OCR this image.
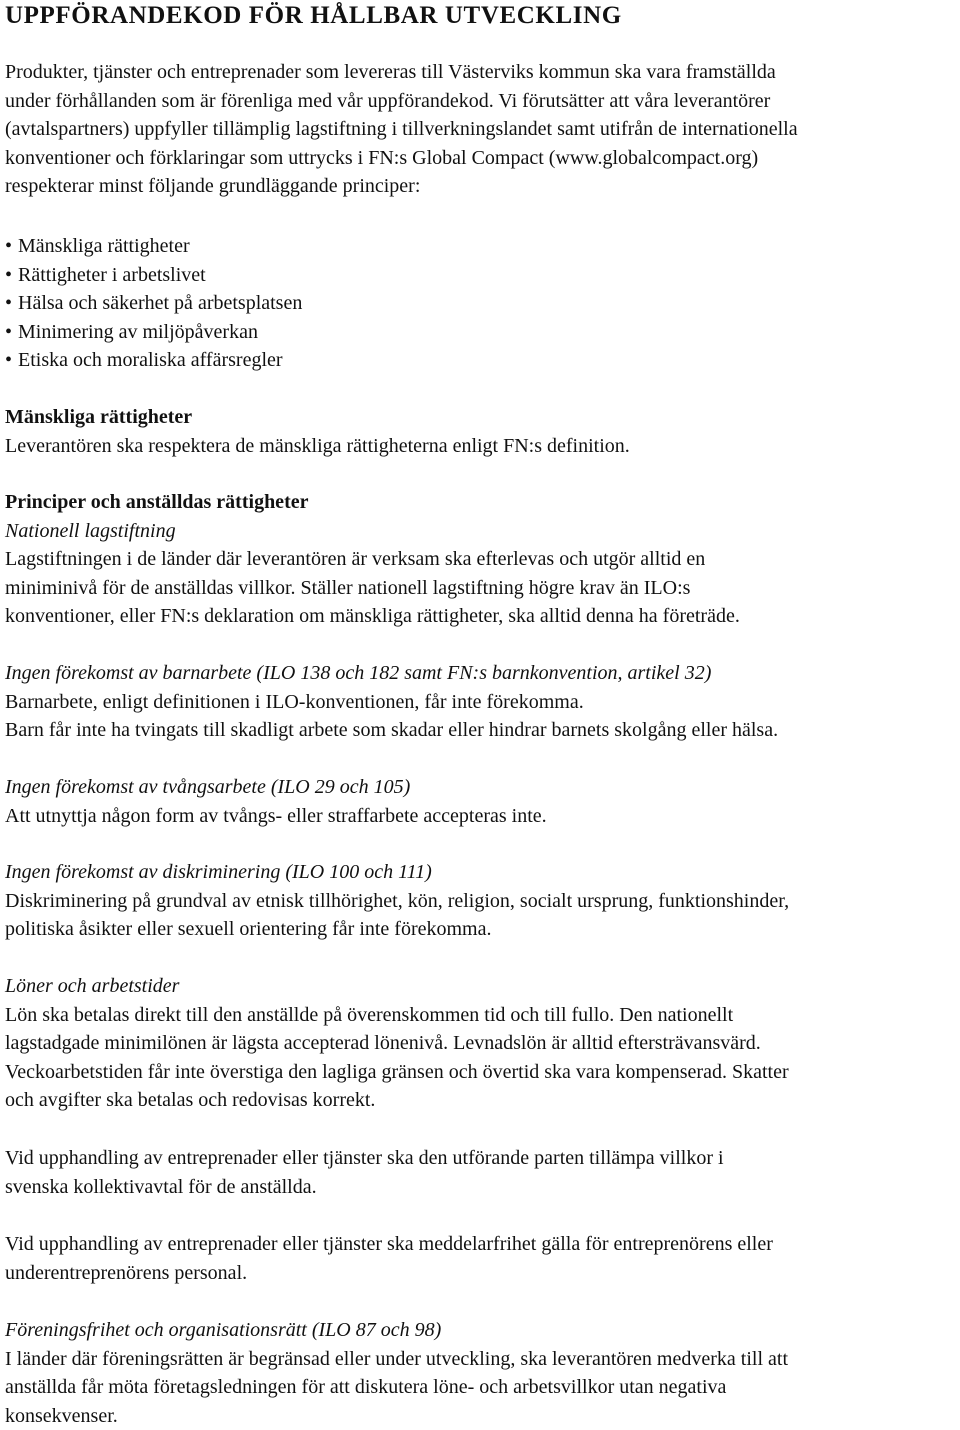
UPPFÖRANDEKOD FÖR HÅLLBAR UTVECKLING
Produkter, tjänster och entreprenader som levereras till Västerviks kommun ska vara framställda
under förhållanden som är förenliga med vår uppförandekod. Vi förutsätter att våra leverantörer
(avtalspartners) uppfyller tillämplig lagstiftning i tillverkningslandet samt utifrån de internationella
konventioner och förklaringar som uttrycks i FN:s Global Compact (www.globalcompact.org)
respekterar minst följande grundläggande principer:
• Mänskliga rättigheter
• Rättigheter i arbetslivet
• Hälsa och säkerhet på arbetsplatsen
• Minimering av miljöpåverkan
• Etiska och moraliska affärsregler
Mänskliga rättigheter
Leverantören ska respektera de mänskliga rättigheterna enligt FN:s definition.
Principer och anställdas rättigheter
Nationell lagstiftning
Lagstiftningen i de länder där leverantören är verksam ska efterlevas och utgör alltid en
miniminivå för de anställdas villkor. Ställer nationell lagstiftning högre krav än ILO:s
konventioner, eller FN:s deklaration om mänskliga rättigheter, ska alltid denna ha företräde.
Ingen förekomst av barnarbete (ILO 138 och 182 samt FN:s barnkonvention, artikel 32)
Barnarbete, enligt definitionen i ILO-konventionen, får inte förekomma.
Barn får inte ha tvingats till skadligt arbete som skadar eller hindrar barnets skolgång eller hälsa.
Ingen förekomst av tvångsarbete (ILO 29 och 105)
Att utnyttja någon form av tvångs- eller straffarbete accepteras inte.
Ingen förekomst av diskriminering (ILO 100 och 111)
Diskriminering på grundval av etnisk tillhörighet, kön, religion, socialt ursprung, funktionshinder,
politiska åsikter eller sexuell orientering får inte förekomma.
Löner och arbetstider
Lön ska betalas direkt till den anställde på överenskommen tid och till fullo. Den nationellt
lagstadgade minimilönen är lägsta accepterad lönenivå. Levnadslön är alltid eftersträvansvärd.
Veckoarbetstiden får inte överstiga den lagliga gränsen och övertid ska vara kompenserad. Skatter
och avgifter ska betalas och redovisas korrekt.
Vid upphandling av entreprenader eller tjänster ska den utförande parten tillämpa villkor i
svenska kollektivavtal för de anställda.
Vid upphandling av entreprenader eller tjänster ska meddelarfrihet gälla för entreprenörens eller
underentreprenörens personal.
Föreningsfrihet och organisationsrätt (ILO 87 och 98)
I länder där föreningsrätten är begränsad eller under utveckling, ska leverantören medverka till att
anställda får möta företagsledningen för att diskutera löne- och arbetsvillkor utan negativa
konsekvenser.
